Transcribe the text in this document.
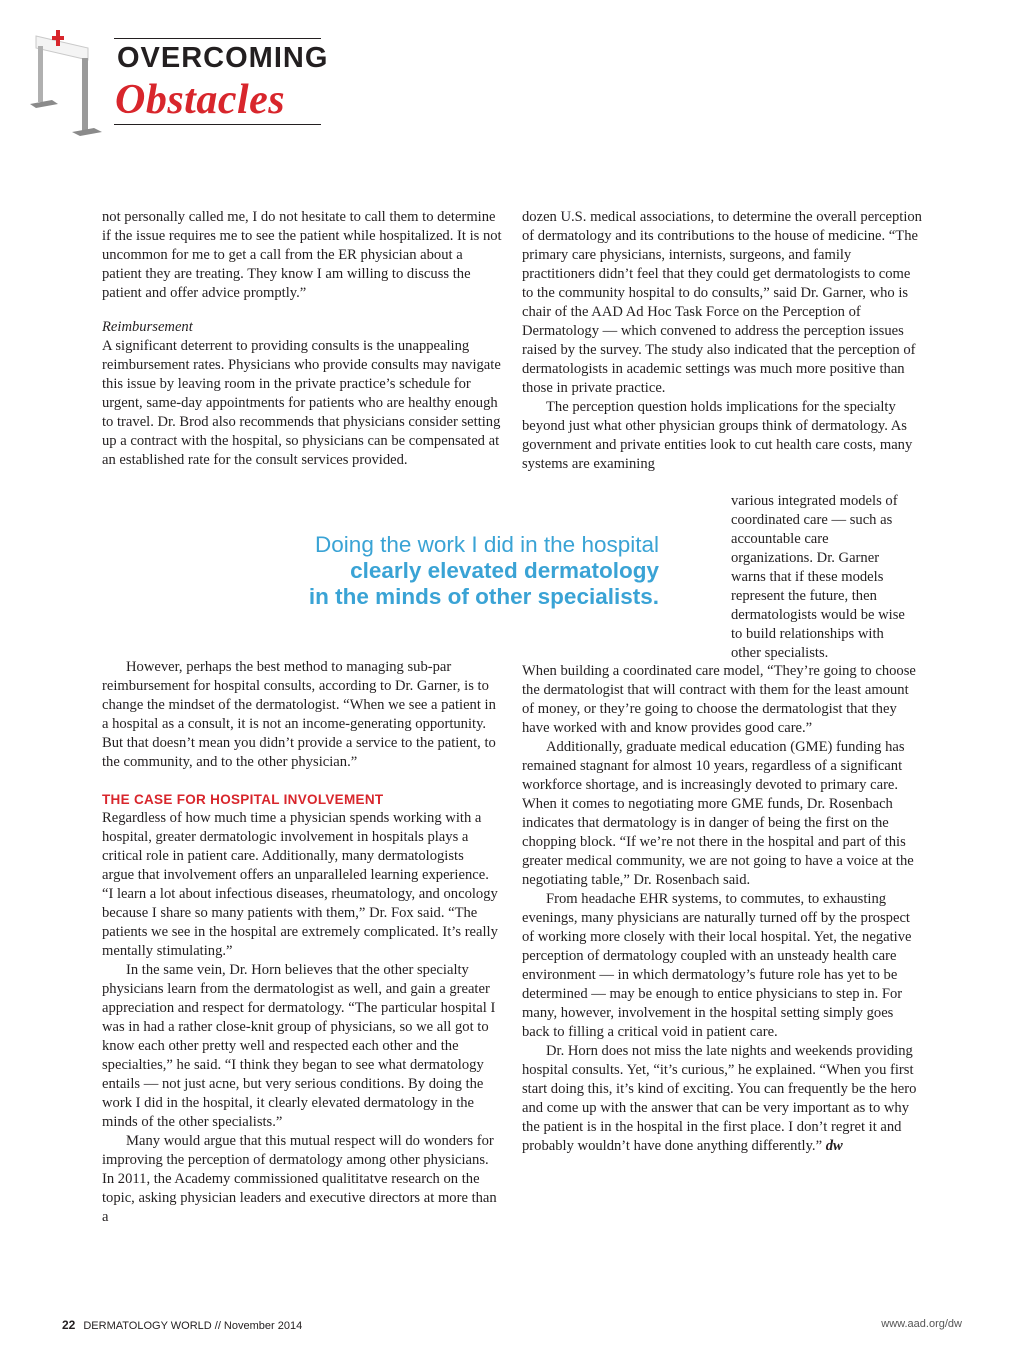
OVERCOMING
Obstacles

not personally called me, I do not hesitate to call them to determine if the issue requires me to see the patient while hospitalized. It is not uncommon for me to get a call from the ER physician about a patient they are treating. They know I am willing to discuss the patient and offer advice promptly.”

Reimbursement

A significant deterrent to providing consults is the unappealing reimbursement rates. Physicians who provide consults may navigate this issue by leaving room in the private practice’s schedule for urgent, same-day appointments for patients who are healthy enough to travel. Dr. Brod also recommends that physicians consider setting up a contract with the hospital, so physicians can be compensated at an established rate for the consult services provided.

Doing the work I did in the hospital
clearly elevated dermatology
in the minds of other specialists.

However, perhaps the best method to managing sub-par reimbursement for hospital consults, according to Dr. Garner, is to change the mindset of the dermatologist. “When we see a patient in a hospital as a consult, it is not an income-generating opportunity. But that doesn’t mean you didn’t provide a service to the patient, to the community, and to the other physician.”

THE CASE FOR HOSPITAL INVOLVEMENT

Regardless of how much time a physician spends working with a hospital, greater dermatologic involvement in hospitals plays a critical role in patient care. Additionally, many dermatologists argue that involvement offers an unparalleled learning experience. “I learn a lot about infectious diseases, rheumatology, and oncology because I share so many patients with them,” Dr. Fox said. “The patients we see in the hospital are extremely complicated. It’s really mentally stimulating.”

In the same vein, Dr. Horn believes that the other specialty physicians learn from the dermatologist as well, and gain a greater appreciation and respect for dermatology. “The particular hospital I was in had a rather close-knit group of physicians, so we all got to know each other pretty well and respected each other and the specialties,” he said. “I think they began to see what dermatology entails — not just acne, but very serious conditions. By doing the work I did in the hospital, it clearly elevated dermatology in the minds of the other specialists.”

Many would argue that this mutual respect will do wonders for improving the perception of dermatology among other physicians. In 2011, the Academy commissioned qualititatve research on the topic, asking physician leaders and executive directors at more than a

dozen U.S. medical associations, to determine the overall perception of dermatology and its contributions to the house of medicine. “The primary care physicians, internists, surgeons, and family practitioners didn’t feel that they could get dermatologists to come to the community hospital to do consults,” said Dr. Garner, who is chair of the AAD Ad Hoc Task Force on the Perception of Dermatology — which convened to address the perception issues raised by the survey. The study also indicated that the perception of dermatologists in academic settings was much more positive than those in private practice.

The perception question holds implications for the specialty beyond just what other physician groups think of dermatology. As government and private entities look to cut health care costs, many systems are examining

various integrated models of coordinated care — such as accountable care organizations. Dr. Garner warns that if these models represent the future, then dermatologists would be wise to build relationships with other specialists.

When building a coordinated care model, “They’re going to choose the dermatologist that will contract with them for the least amount of money, or they’re going to choose the dermatologist that they have worked with and know provides good care.”

Additionally, graduate medical education (GME) funding has remained stagnant for almost 10 years, regardless of a significant workforce shortage, and is increasingly devoted to primary care. When it comes to negotiating more GME funds, Dr. Rosenbach indicates that dermatology is in danger of being the first on the chopping block. “If we’re not there in the hospital and part of this greater medical community, we are not going to have a voice at the negotiating table,” Dr. Rosenbach said.

From headache EHR systems, to commutes, to exhausting evenings, many physicians are naturally turned off by the prospect of working more closely with their local hospital. Yet, the negative perception of dermatology coupled with an unsteady health care environment — in which dermatology’s future role has yet to be determined — may be enough to entice physicians to step in. For many, however, involvement in the hospital setting simply goes back to filling a critical void in patient care.

Dr. Horn does not miss the late nights and weekends providing hospital consults. Yet, “it’s curious,” he explained. “When you first start doing this, it’s kind of exciting. You can frequently be the hero and come up with the answer that can be very important as to why the patient is in the hospital in the first place. I don’t regret it and probably wouldn’t have done anything differently.” dw

22 DERMATOLOGY WORLD // November 2014	www.aad.org/dw
